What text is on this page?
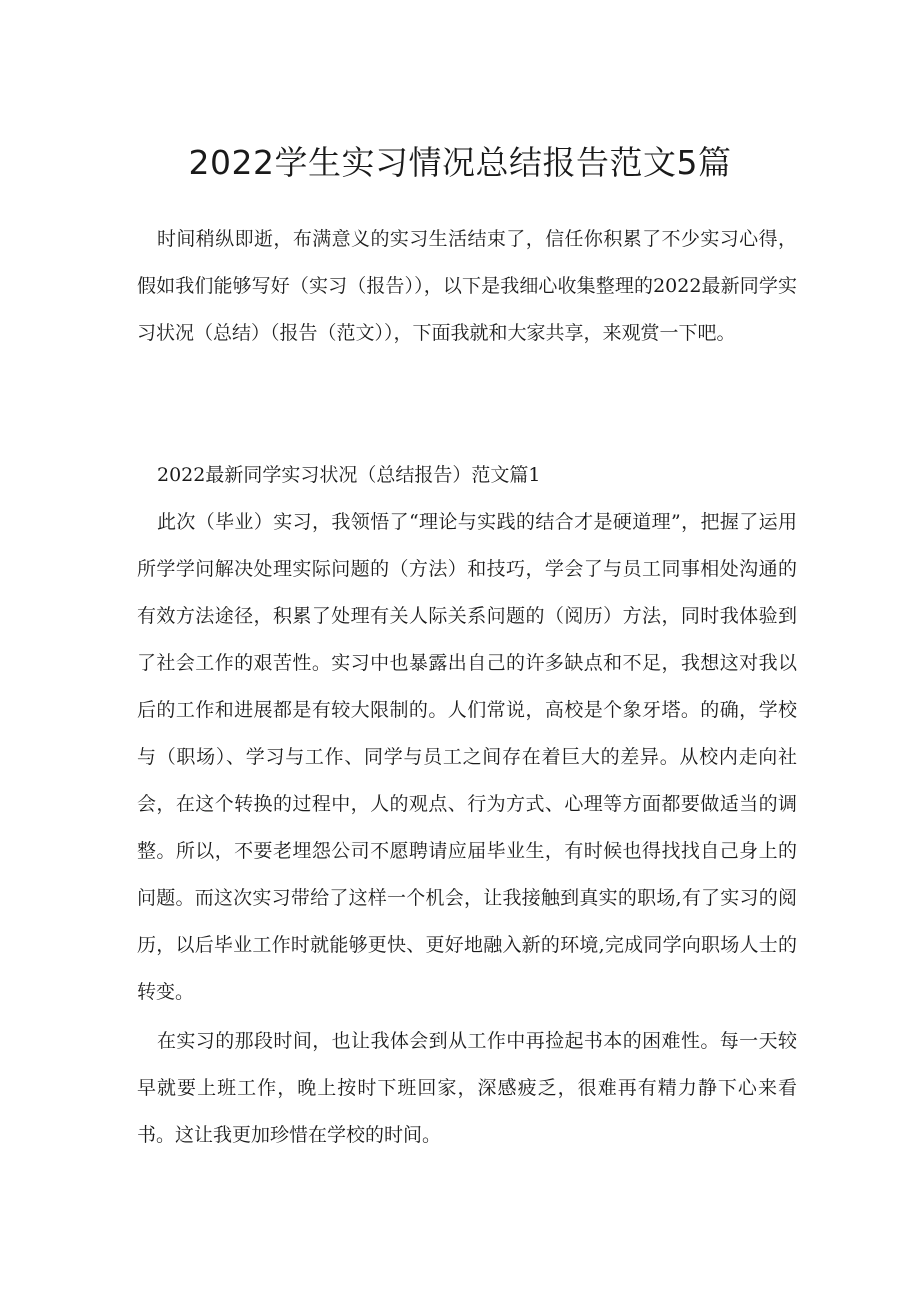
2022学生实习情况总结报告范文5篇

时间稍纵即逝，布满意义的实习生活结束了，信任你积累了不少实习心得，假如我们能够写好（实习（报告）），以下是我细心收集整理的2022最新同学实习状况（总结）（报告（范文）），下面我就和大家共享，来观赏一下吧。

2022最新同学实习状况（总结报告）范文篇1

此次（毕业）实习，我领悟了“理论与实践的结合才是硬道理”，把握了运用所学学问解决处理实际问题的（方法）和技巧，学会了与员工同事相处沟通的有效方法途径，积累了处理有关人际关系问题的（阅历）方法，同时我体验到了社会工作的艰苦性。实习中也暴露出自己的许多缺点和不足，我想这对我以后的工作和进展都是有较大限制的。人们常说，高校是个象牙塔。的确，学校与（职场）、学习与工作、同学与员工之间存在着巨大的差异。从校内走向社会，在这个转换的过程中，人的观点、行为方式、心理等方面都要做适当的调整。所以，不要老埋怨公司不愿聘请应届毕业生，有时候也得找找自己身上的问题。而这次实习带给了这样一个机会，让我接触到真实的职场,有了实习的阅历，以后毕业工作时就能够更快、更好地融入新的环境,完成同学向职场人士的转变。

在实习的那段时间，也让我体会到从工作中再捡起书本的困难性。每一天较早就要上班工作，晚上按时下班回家，深感疲乏，很难再有精力静下心来看书。这让我更加珍惜在学校的时间。
